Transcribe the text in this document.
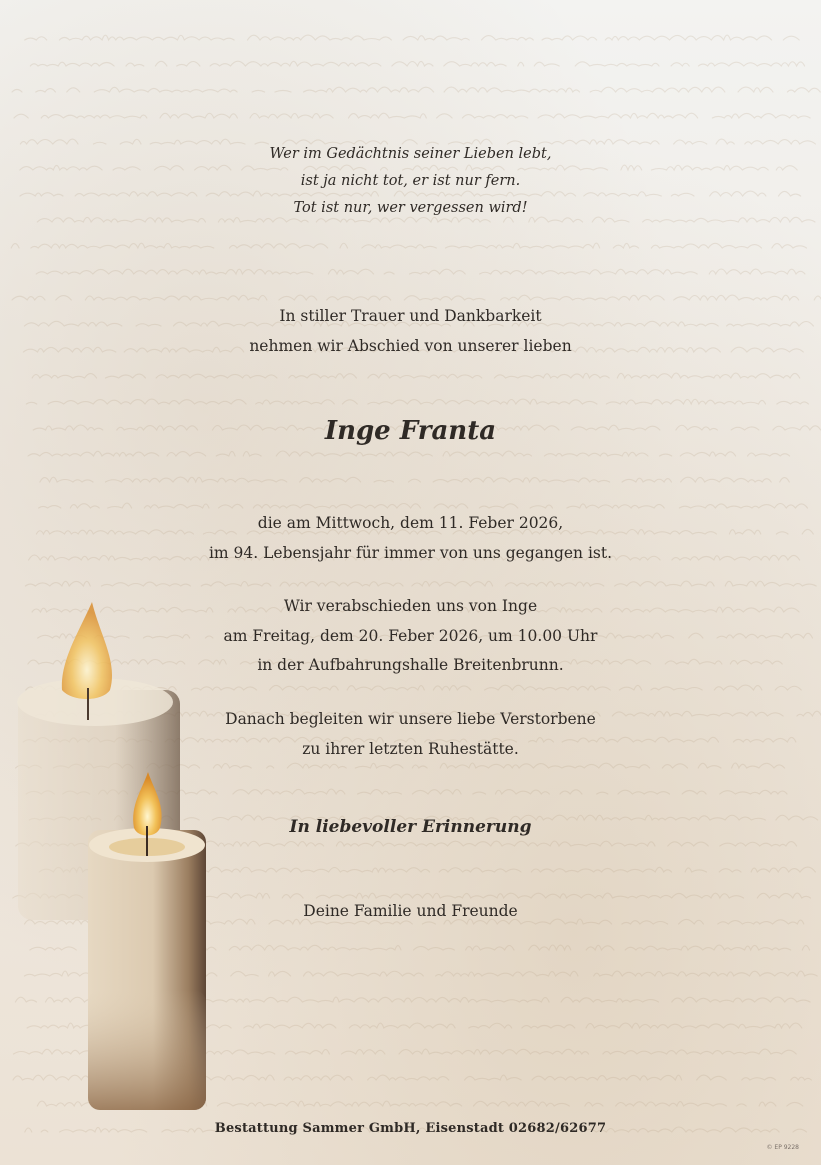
Wer im Gedächtnis seiner Lieben lebt,
ist ja nicht tot, er ist nur fern.
Tot ist nur, wer vergessen wird!

In stiller Trauer und Dankbarkeit
nehmen wir Abschied von unserer lieben

Inge Franta

die am Mittwoch, dem 11. Feber 2026,
im 94. Lebensjahr für immer von uns gegangen ist.

Wir verabschieden uns von Inge
am Freitag, dem 20. Feber 2026, um 10.00 Uhr
in der Aufbahrungshalle Breitenbrunn.

Danach begleiten wir unsere liebe Verstorbene
zu ihrer letzten Ruhestätte.

In liebevoller Erinnerung

Deine Familie und Freunde

Bestattung Sammer GmbH, Eisenstadt 02682/62677

© EP 9228
